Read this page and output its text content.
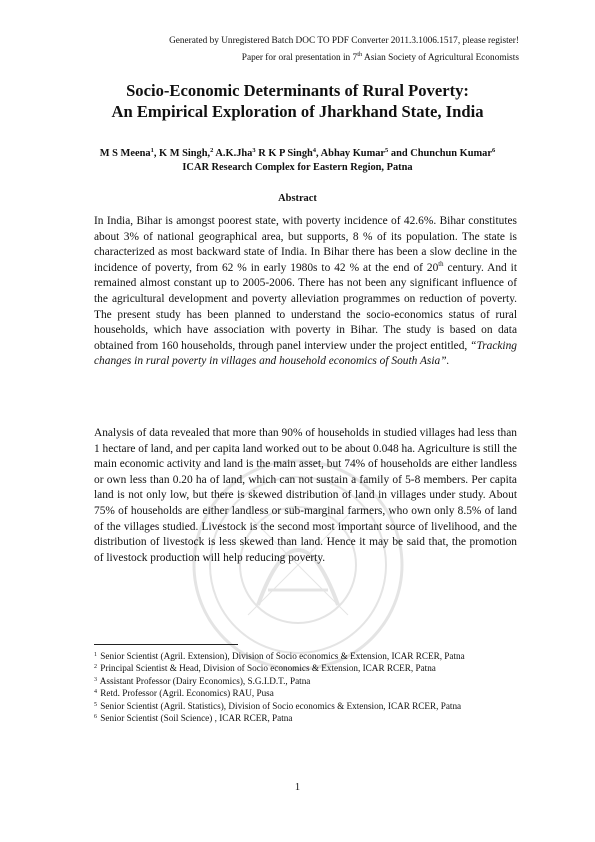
Generated by Unregistered Batch DOC TO PDF Converter 2011.3.1006.1517, please register!
Paper for oral presentation in 7th Asian Society of Agricultural Economists
Socio-Economic Determinants of Rural Poverty:
An Empirical Exploration of Jharkhand State, India
M S Meena$^1$, K M Singh,$^2$ A.K.Jha$^3$ R K P Singh$^4$, Abhay Kumar$^5$ and Chunchun Kumar$^6$
ICAR Research Complex for Eastern Region, Patna
Abstract

In India, Bihar is amongst poorest state, with poverty incidence of 42.6%. Bihar constitutes about 3% of national geographical area, but supports, 8 % of its population. The state is characterized as most backward state of India. In Bihar there has been a slow decline in the incidence of poverty, from 62 % in early 1980s to 42 % at the end of 20th century. And it remained almost constant up to 2005-2006. There has not been any significant influence of the agricultural development and poverty alleviation programmes on reduction of poverty. The present study has been planned to understand the socio-economics status of rural households, which have association with poverty in Bihar. The study is based on data obtained from 160 households, through panel interview under the project entitled, “Tracking changes in rural poverty in villages and household economics of South Asia”.

Analysis of data revealed that more than 90% of households in studied villages had less than 1 hectare of land, and per capita land worked out to be about 0.048 ha. Agriculture is still the main economic activity and land is the main asset, but 74% of households are either landless or own less than 0.20 ha of land, which can not sustain a family of 5-8 members. Per capita land is not only low, but there is skewed distribution of land in villages under study. About 75% of households are either landless or sub-marginal farmers, who own only 8.5% of land of the villages studied. Livestock is the second most important source of livelihood, and the distribution of livestock is less skewed than land. Hence it may be said that, the promotion of livestock production will help reducing poverty.

$^1$ Senior Scientist (Agril. Extension), Division of Socio economics & Extension, ICAR RCER, Patna

$^2$ Principal Scientist & Head, Division of Socio economics & Extension, ICAR RCER, Patna

$^3$ Assistant Professor (Dairy Economics), S.G.I.D.T., Patna

$^4$ Retd. Professor (Agril. Economics) RAU, Pusa

$^5$ Senior Scientist (Agril. Statistics), Division of Socio economics & Extension, ICAR RCER, Patna

$^6$ Senior Scientist (Soil Science) , ICAR RCER, Patna

1
